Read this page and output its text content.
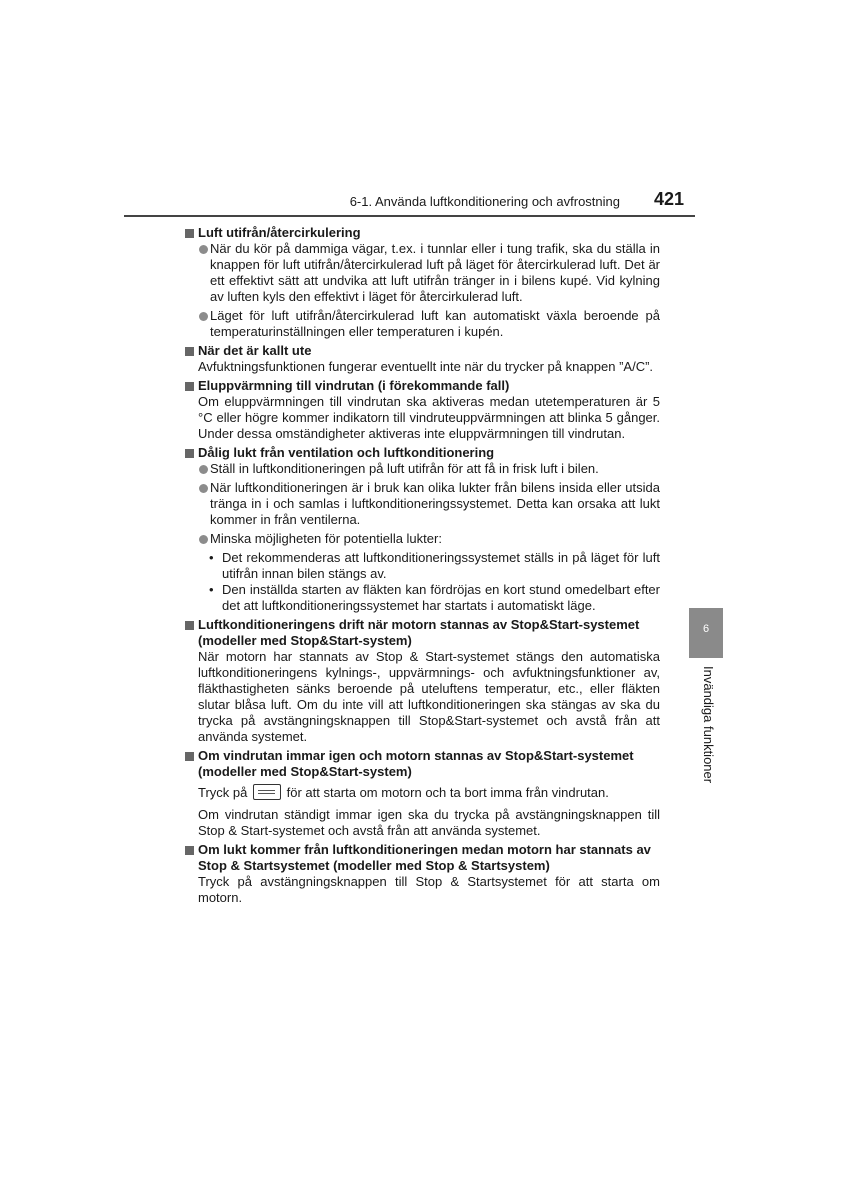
6-1. Använda luftkonditionering och avfrostning	421
Luft utifrån/återcirkulering
När du kör på dammiga vägar, t.ex. i tunnlar eller i tung trafik, ska du ställa in knappen för luft utifrån/återcirkulerad luft på läget för återcirkulerad luft. Det är ett effektivt sätt att undvika att luft utifrån tränger in i bilens kupé. Vid kylning av luften kyls den effektivt i läget för återcirkulerad luft.
Läget för luft utifrån/återcirkulerad luft kan automatiskt växla beroende på temperaturinställningen eller temperaturen i kupén.
När det är kallt ute
Avfuktningsfunktionen fungerar eventuellt inte när du trycker på knappen ”A/C”.
Eluppvärmning till vindrutan (i förekommande fall)
Om eluppvärmningen till vindrutan ska aktiveras medan utetemperaturen är 5 °C eller högre kommer indikatorn till vindruteuppvärmningen att blinka 5 gånger. Under dessa omständigheter aktiveras inte eluppvärmningen till vindrutan.
Dålig lukt från ventilation och luftkonditionering
Ställ in luftkonditioneringen på luft utifrån för att få in frisk luft i bilen.
När luftkonditioneringen är i bruk kan olika lukter från bilens insida eller utsida tränga in i och samlas i luftkonditioneringssystemet. Detta kan orsaka att lukt kommer in från ventilerna.
Minska möjligheten för potentiella lukter:
• Det rekommenderas att luftkonditioneringssystemet ställs in på läget för luft utifrån innan bilen stängs av.
• Den inställda starten av fläkten kan fördröjas en kort stund omedelbart efter det att luftkonditioneringssystemet har startats i automatiskt läge.
Luftkonditioneringens drift när motorn stannas av Stop&Start-systemet (modeller med Stop&Start-system)
När motorn har stannats av Stop & Start-systemet stängs den automatiska luftkonditioneringens kylnings-, uppvärmnings- och avfuktningsfunktioner av, fläkthastigheten sänks beroende på uteluftens temperatur, etc., eller fläkten slutar blåsa luft. Om du inte vill att luftkonditioneringen ska stängas av ska du trycka på avstängningsknappen till Stop&Start-systemet och avstå från att använda systemet.
Om vindrutan immar igen och motorn stannas av Stop&Start-systemet (modeller med Stop&Start-system)
Tryck på	för att starta om motorn och ta bort imma från vindrutan.
Om vindrutan ständigt immar igen ska du trycka på avstängningsknappen till Stop & Start-systemet och avstå från att använda systemet.
Om lukt kommer från luftkonditioneringen medan motorn har stannats av Stop & Startsystemet (modeller med Stop & Startsystem)
Tryck på avstängningsknappen till Stop & Startsystemet för att starta om motorn.
6
Invändiga funktioner
